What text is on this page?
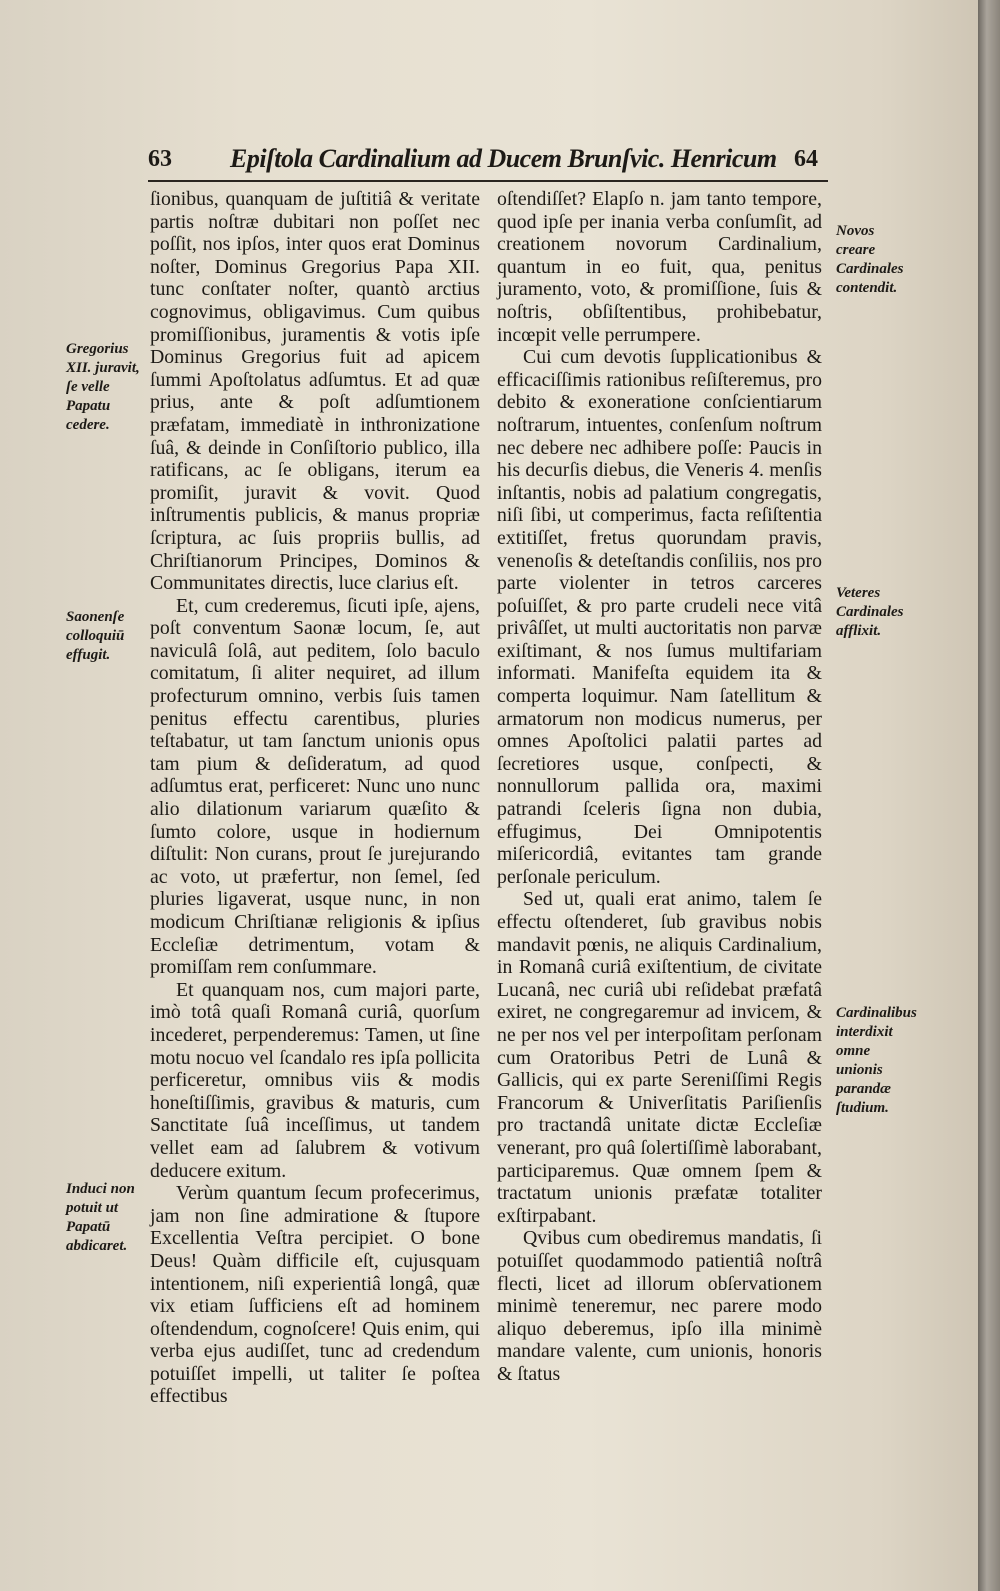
63 Epiſtola Cardinalium ad Ducem Brunſvic. Henricum 64

ſionibus, quanquam de juſtitiâ & veritate partis noſtræ dubitari non poſſet nec poſſit, nos ipſos, inter quos erat Dominus noſter, Dominus Gregorius Papa XII. tunc conſtater noſter, quantò arctius cognovimus, obligavimus. Cum quibus promiſſionibus, juramentis & votis ipſe Dominus Gregorius fuit ad apicem ſummi Apoſtolatus adſumtus. Et ad quæ prius, ante & poſt adſumtionem præfatam, immediatè in inthronizatione ſuâ, & deinde in Conſiſtorio publico, illa ratificans, ac ſe obligans, iterum ea promiſit, juravit & vovit. Quod inſtrumentis publicis, & manus propriæ ſcriptura, ac ſuis propriis bullis, ad Chriſtianorum Principes, Dominos & Communitates directis, luce clarius eſt.

Et, cum crederemus, ſicuti ipſe, ajens, poſt conventum Saonæ locum, ſe, aut naviculâ ſolâ, aut peditem, ſolo baculo comitatum, ſi aliter nequiret, ad illum profecturum omnino, verbis ſuis tamen penitus effectu carentibus, pluries teſtabatur, ut tam ſanctum unionis opus tam pium & deſideratum, ad quod adſumtus erat, perficeret: Nunc uno nunc alio dilationum variarum quæſito & ſumto colore, usque in hodiernum diſtulit: Non curans, prout ſe jurejurando ac voto, ut præfertur, non ſemel, ſed pluries ligaverat, usque nunc, in non modicum Chriſtianæ religionis & ipſius Eccleſiæ detrimentum, votam & promiſſam rem conſummare.

Et quanquam nos, cum majori parte, imò totâ quaſi Romanâ curiâ, quorſum incederet, perpenderemus: Tamen, ut ſine motu nocuo vel ſcandalo res ipſa pollicita perficeretur, omnibus viis & modis honeſtiſſimis, gravibus & maturis, cum Sanctitate ſuâ inceſſimus, ut tandem vellet eam ad ſalubrem & votivum deducere exitum.

Verùm quantum ſecum profecerimus, jam non ſine admiratione & ſtupore Excellentia Veſtra percipiet. O bone Deus! Quàm difficile eſt, cujusquam intentionem, niſi experientiâ longâ, quæ vix etiam ſufficiens eſt ad hominem oſtendendum, cognoſcere! Quis enim, qui verba ejus audiſſet, tunc ad credendum potuiſſet impelli, ut taliter ſe poſtea effectibus

oſtendiſſet? Elapſo n. jam tanto tempore, quod ipſe per inania verba conſumſit, ad creationem novorum Cardinalium, quantum in eo fuit, qua, penitus juramento, voto, & promiſſione, ſuis & noſtris, obſiſtentibus, prohibebatur, incœpit velle perrumpere.

Cui cum devotis ſupplicationibus & efficaciſſimis rationibus reſiſteremus, pro debito & exoneratione conſcientiarum noſtrarum, intuentes, conſenſum noſtrum nec debere nec adhibere poſſe: Paucis in his decurſis diebus, die Veneris 4. menſis inſtantis, nobis ad palatium congregatis, niſi ſibi, ut comperimus, facta reſiſtentia extitiſſet, fretus quorundam pravis, venenoſis & deteſtandis conſiliis, nos pro parte violenter in tetros carceres poſuiſſet, & pro parte crudeli nece vitâ privâſſet, ut multi auctoritatis non parvæ exiſtimant, & nos ſumus multifariam informati. Manifeſta equidem ita & comperta loquimur. Nam ſatellitum & armatorum non modicus numerus, per omnes Apoſtolici palatii partes ad ſecretiores usque, conſpecti, & nonnullorum pallida ora, maximi patrandi ſceleris ſigna non dubia, effugimus, Dei Omnipotentis miſericordiâ, evitantes tam grande perſonale periculum.

Sed ut, quali erat animo, talem ſe effectu oſtenderet, ſub gravibus nobis mandavit pœnis, ne aliquis Cardinalium, in Romanâ curiâ exiſtentium, de civitate Lucanâ, nec curiâ ubi reſidebat præfatâ exiret, ne congregaremur ad invicem, & ne per nos vel per interpoſitam perſonam cum Oratoribus Petri de Lunâ & Gallicis, qui ex parte Sereniſſimi Regis Francorum & Univerſitatis Pariſienſis pro tractandâ unitate dictæ Eccleſiæ venerant, pro quâ ſolertiſſimè laborabant, participaremus. Quæ omnem ſpem & tractatum unionis præfatæ totaliter exſtirpabant.

Qvibus cum obediremus mandatis, ſi potuiſſet quodammodo patientiâ noſtrâ flecti, licet ad illorum obſervationem minimè teneremur, nec parere modo aliquo deberemus, ipſo illa minimè mandare valente, cum unionis, honoris & ſtatus

Gregorius XII. juravit, ſe velle Papatu cedere.
Saonenſe colloquiū effugit.
Induci non potuit ut Papatū abdicaret.
Novos creare Cardinales contendit.
Veteres Cardinales afflixit.
Cardinalibus interdixit omne unionis parandæ ſtudium.
